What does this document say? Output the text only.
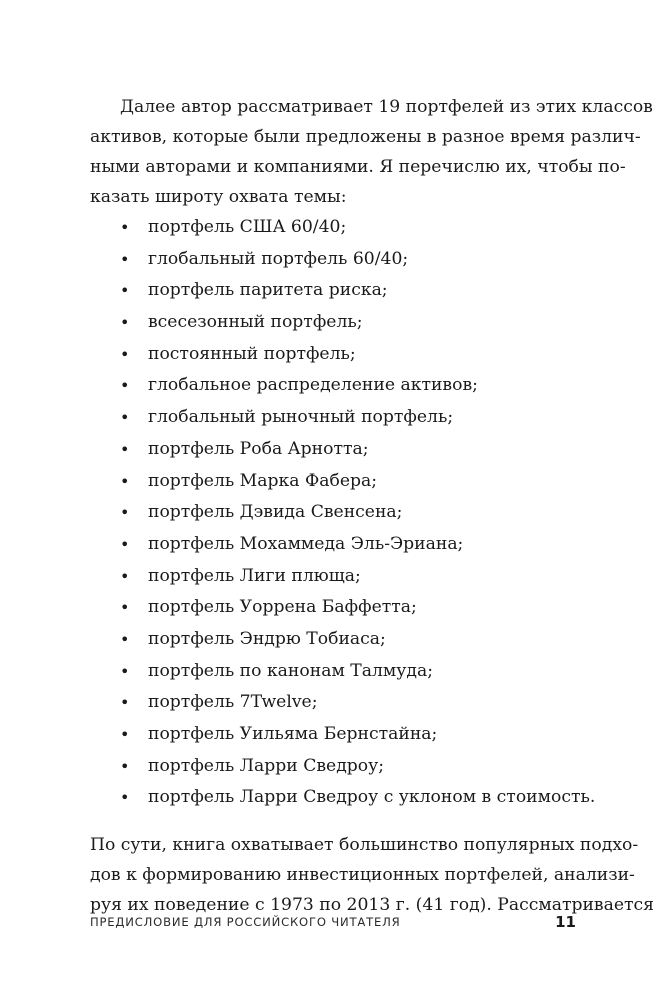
Далее автор рассматривает 19 портфелей из этих классов
активов, которые были предложены в разное время различ-
ными авторами и компаниями. Я перечислю их, чтобы по-
казать широту охвата темы:
• портфель США 60/40;
• глобальный портфель 60/40;
• портфель паритета риска;
• всесезонный портфель;
• постоянный портфель;
• глобальное распределение активов;
• глобальный рыночный портфель;
• портфель Роба Арнотта;
• портфель Марка Фабера;
• портфель Дэвида Свенсена;
• портфель Мохаммеда Эль-Эриана;
• портфель Лиги плюща;
• портфель Уоррена Баффетта;
• портфель Эндрю Тобиаса;
• портфель по канонам Талмуда;
• портфель 7Twelve;
• портфель Уильяма Бернстайна;
• портфель Ларри Сведроу;
• портфель Ларри Сведроу с уклоном в стоимость.
По сути, книга охватывает большинство популярных подхо-
дов к формированию инвестиционных портфелей, анализи-
руя их поведение с 1973 по 2013 г. (41 год). Рассматривается
ПРЕДИСЛОВИЕ ДЛЯ РОССИЙСКОГО ЧИТАТЕЛЯ	11
